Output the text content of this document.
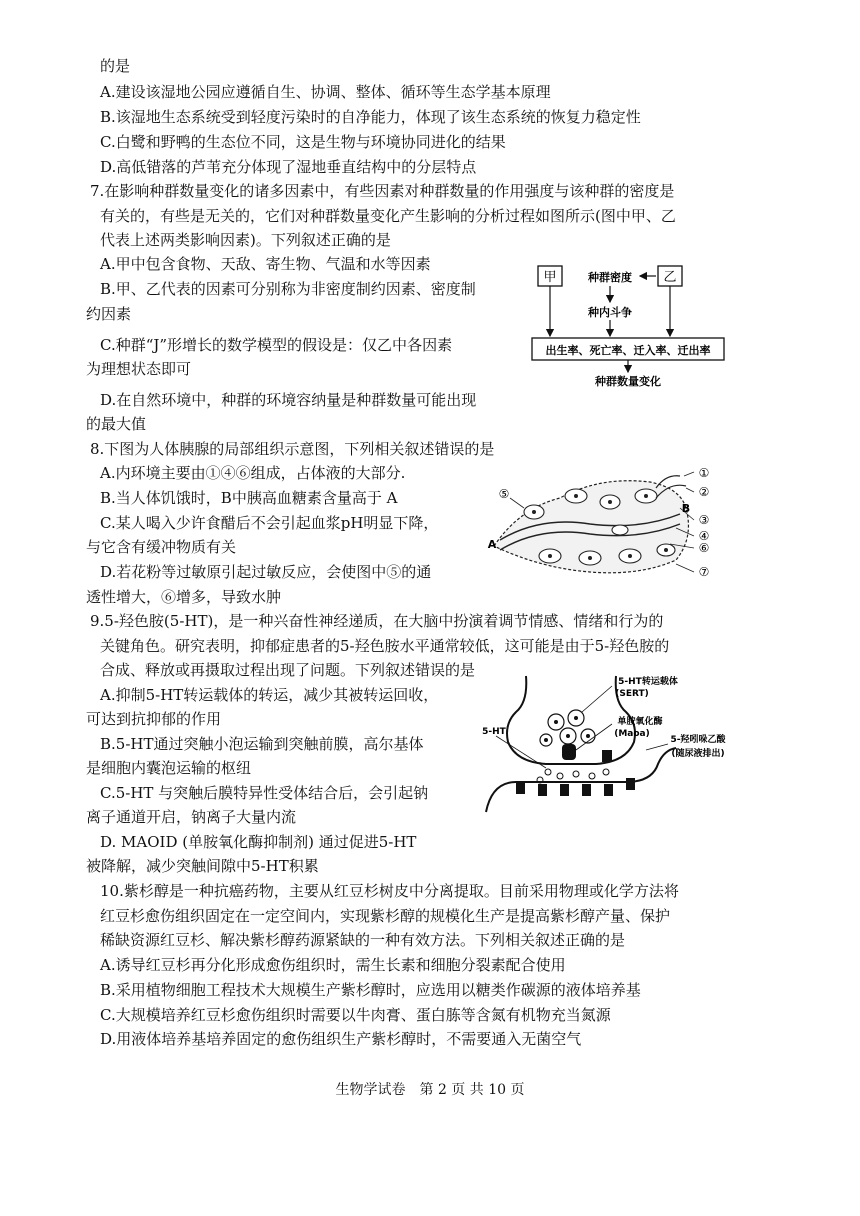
的是
A.建设该湿地公园应遵循自生、协调、整体、循环等生态学基本原理
B.该湿地生态系统受到轻度污染时的自净能力，体现了该生态系统的恢复力稳定性
C.白鹭和野鸭的生态位不同，这是生物与环境协同进化的结果
D.高低错落的芦苇充分体现了湿地垂直结构中的分层特点
7.在影响种群数量变化的诸多因素中，有些因素对种群数量的作用强度与该种群的密度是
有关的，有些是无关的，它们对种群数量变化产生影响的分析过程如图所示(图中甲、乙
代表上述两类影响因素)。下列叙述正确的是
A.甲中包含食物、天敌、寄生物、气温和水等因素
B.甲、乙代表的因素可分别称为非密度制约因素、密度制
约因素
C.种群“J”形增长的数学模型的假设是：仅乙中各因素
为理想状态即可
D.在自然环境中，种群的环境容纳量是种群数量可能出现
的最大值
8.下图为人体胰腺的局部组织示意图，下列相关叙述错误的是
A.内环境主要由①④⑥组成，占体液的大部分.
B.当人体饥饿时，B中胰高血糖素含量高于 A
C.某人喝入少许食醋后不会引起血浆pH明显下降，
与它含有缓冲物质有关
D.若花粉等过敏原引起过敏反应，会使图中⑤的通
透性增大，⑥增多，导致水肿
9.5-羟色胺(5-HT)，是一种兴奋性神经递质，在大脑中扮演着调节情感、情绪和行为的
关键角色。研究表明，抑郁症患者的5-羟色胺水平通常较低，这可能是由于5-羟色胺的
合成、释放或再摄取过程出现了问题。下列叙述错误的是
A.抑制5-HT转运载体的转运，减少其被转运回收，
可达到抗抑郁的作用
B.5-HT通过突触小泡运输到突触前膜，高尔基体
是细胞内囊泡运输的枢纽
C.5-HT 与突触后膜特异性受体结合后，会引起钠
离子通道开启，钠离子大量内流
D. MAOID (单胺氧化酶抑制剂) 通过促进5-HT
被降解，减少突触间隙中5-HT积累
10.紫杉醇是一种抗癌药物，主要从红豆杉树皮中分离提取。目前采用物理或化学方法将
红豆杉愈伤组织固定在一定空间内，实现紫杉醇的规模化生产是提高紫杉醇产量、保护
稀缺资源红豆杉、解决紫杉醇药源紧缺的一种有效方法。下列相关叙述正确的是
A.诱导红豆杉再分化形成愈伤组织时，需生长素和细胞分裂素配合使用
B.采用植物细胞工程技术大规模生产紫杉醇时，应选用以糖类作碳源的液体培养基
C.大规模培养红豆杉愈伤组织时需要以牛肉膏、蛋白胨等含氮有机物充当氮源
D.用液体培养基培养固定的愈伤组织生产紫杉醇时，不需要通入无菌空气
甲	乙
种群密度
种内斗争
出生率、死亡率、迁入率、迁出率
种群数量变化
①
②
③
④
⑥
⑦
⑤
B
A
5-HT转运载体
(SERT)
单胺氧化酶
(Maoa)
5-HT
5-羟吲哚乙酸
(随尿液排出)
生物学试卷　第 2 页 共 10 页
